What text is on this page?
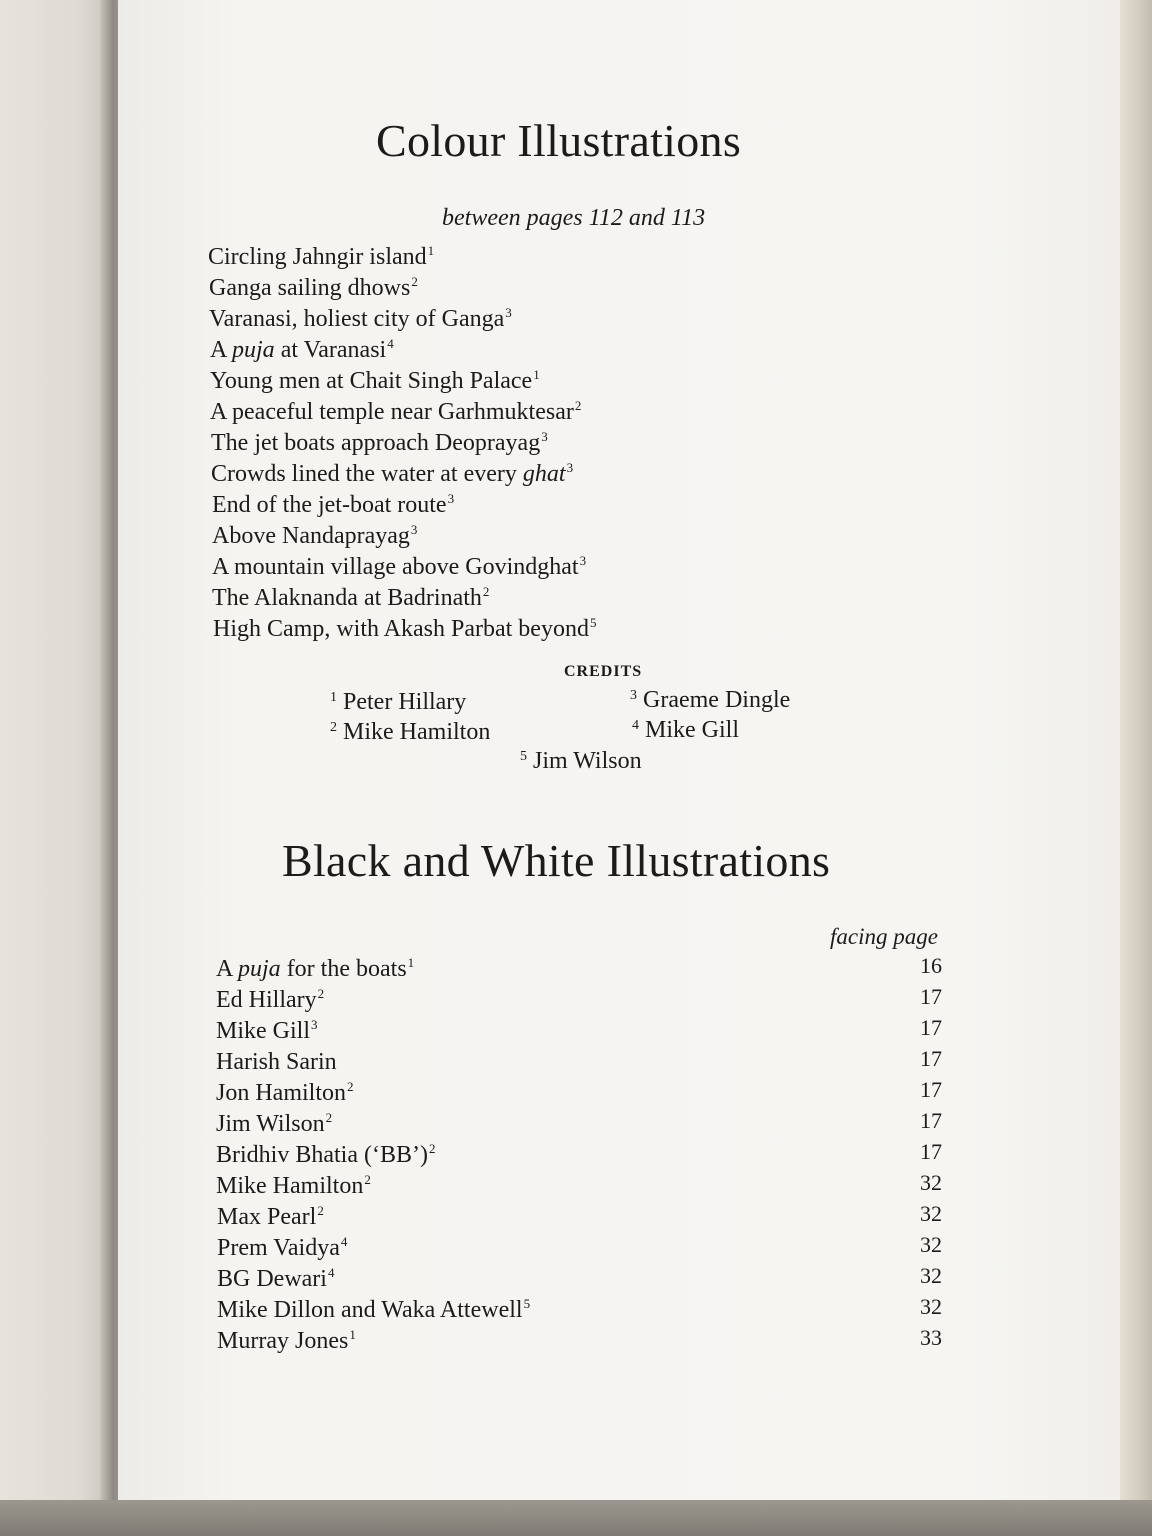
Colour Illustrations
between pages 112 and 113
Circling Jahngir island$^1$
Ganga sailing dhows$^2$
Varanasi, holiest city of Ganga$^3$
A puja at Varanasi$^4$
Young men at Chait Singh Palace$^1$
A peaceful temple near Garhmuktesar$^2$
The jet boats approach Deoprayag$^3$
Crowds lined the water at every ghat$^3$
End of the jet-boat route$^3$
Above Nandaprayag$^3$
A mountain village above Govindghat$^3$
The Alaknanda at Badrinath$^2$
High Camp, with Akash Parbat beyond$^5$
CREDITS
$^1$ Peter Hillary
$^2$ Mike Hamilton
$^3$ Graeme Dingle
$^4$ Mike Gill
$^5$ Jim Wilson
Black and White Illustrations
facing page
A puja for the boats$^1$	16
Ed Hillary$^2$	17
Mike Gill$^3$	17
Harish Sarin	17
Jon Hamilton$^2$	17
Jim Wilson$^2$	17
Bridhiv Bhatia (‘BB’)$^2$	17
Mike Hamilton$^2$	32
Max Pearl$^2$	32
Prem Vaidya$^4$	32
BG Dewari$^4$	32
Mike Dillon and Waka Attewell$^5$	32
Murray Jones$^1$	33
